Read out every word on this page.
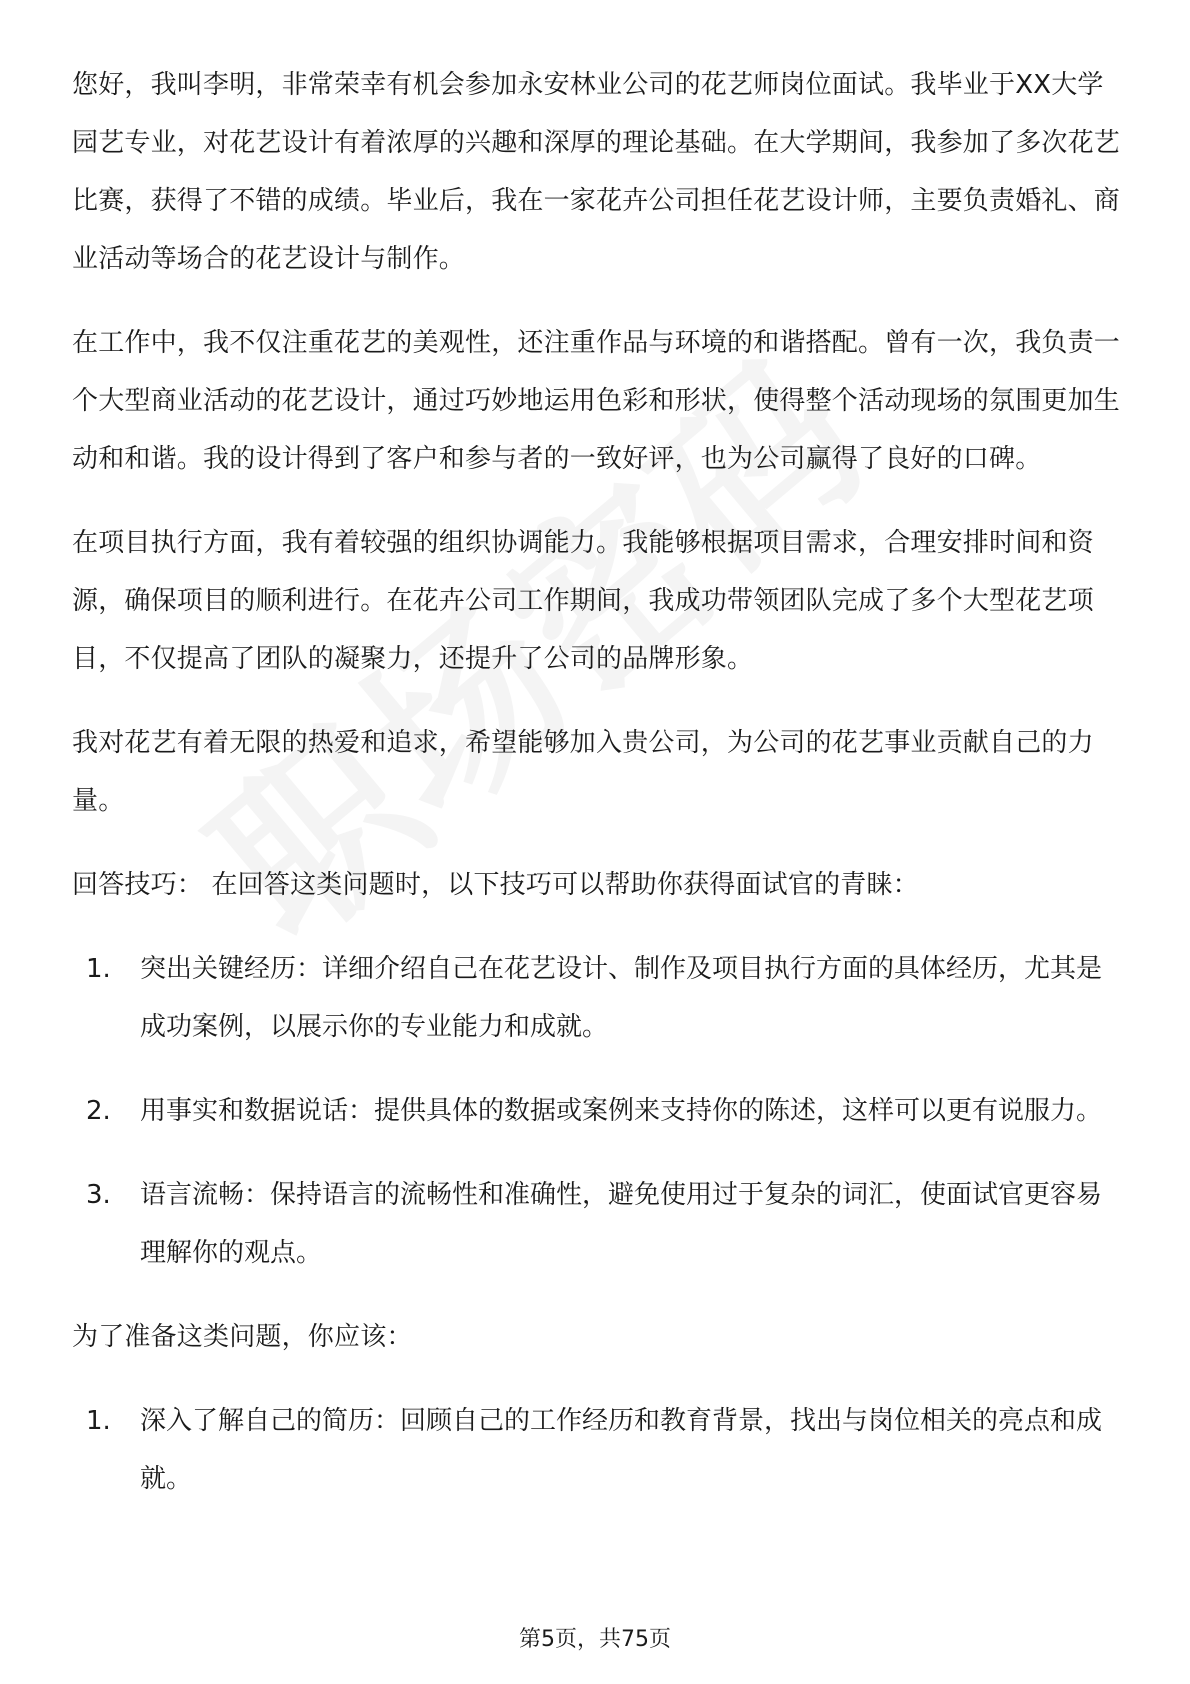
您好，我叫李明，非常荣幸有机会参加永安林业公司的花艺师岗位面试。我毕业于XX大学园艺专业，对花艺设计有着浓厚的兴趣和深厚的理论基础。在大学期间，我参加了多次花艺比赛，获得了不错的成绩。毕业后，我在一家花卉公司担任花艺设计师，主要负责婚礼、商业活动等场合的花艺设计与制作。

在工作中，我不仅注重花艺的美观性，还注重作品与环境的和谐搭配。曾有一次，我负责一个大型商业活动的花艺设计，通过巧妙地运用色彩和形状，使得整个活动现场的氛围更加生动和和谐。我的设计得到了客户和参与者的一致好评，也为公司赢得了良好的口碑。

在项目执行方面，我有着较强的组织协调能力。我能够根据项目需求，合理安排时间和资源，确保项目的顺利进行。在花卉公司工作期间，我成功带领团队完成了多个大型花艺项目，不仅提高了团队的凝聚力，还提升了公司的品牌形象。

我对花艺有着无限的热爱和追求，希望能够加入贵公司，为公司的花艺事业贡献自己的力量。

回答技巧： 在回答这类问题时，以下技巧可以帮助你获得面试官的青睐：

1.	突出关键经历：详细介绍自己在花艺设计、制作及项目执行方面的具体经历，尤其是成功案例，以展示你的专业能力和成就。
2.	用事实和数据说话：提供具体的数据或案例来支持你的陈述，这样可以更有说服力。
3.	语言流畅：保持语言的流畅性和准确性，避免使用过于复杂的词汇，使面试官更容易理解你的观点。

为了准备这类问题，你应该：

1.	深入了解自己的简历：回顾自己的工作经历和教育背景，找出与岗位相关的亮点和成就。
第5页，共75页
